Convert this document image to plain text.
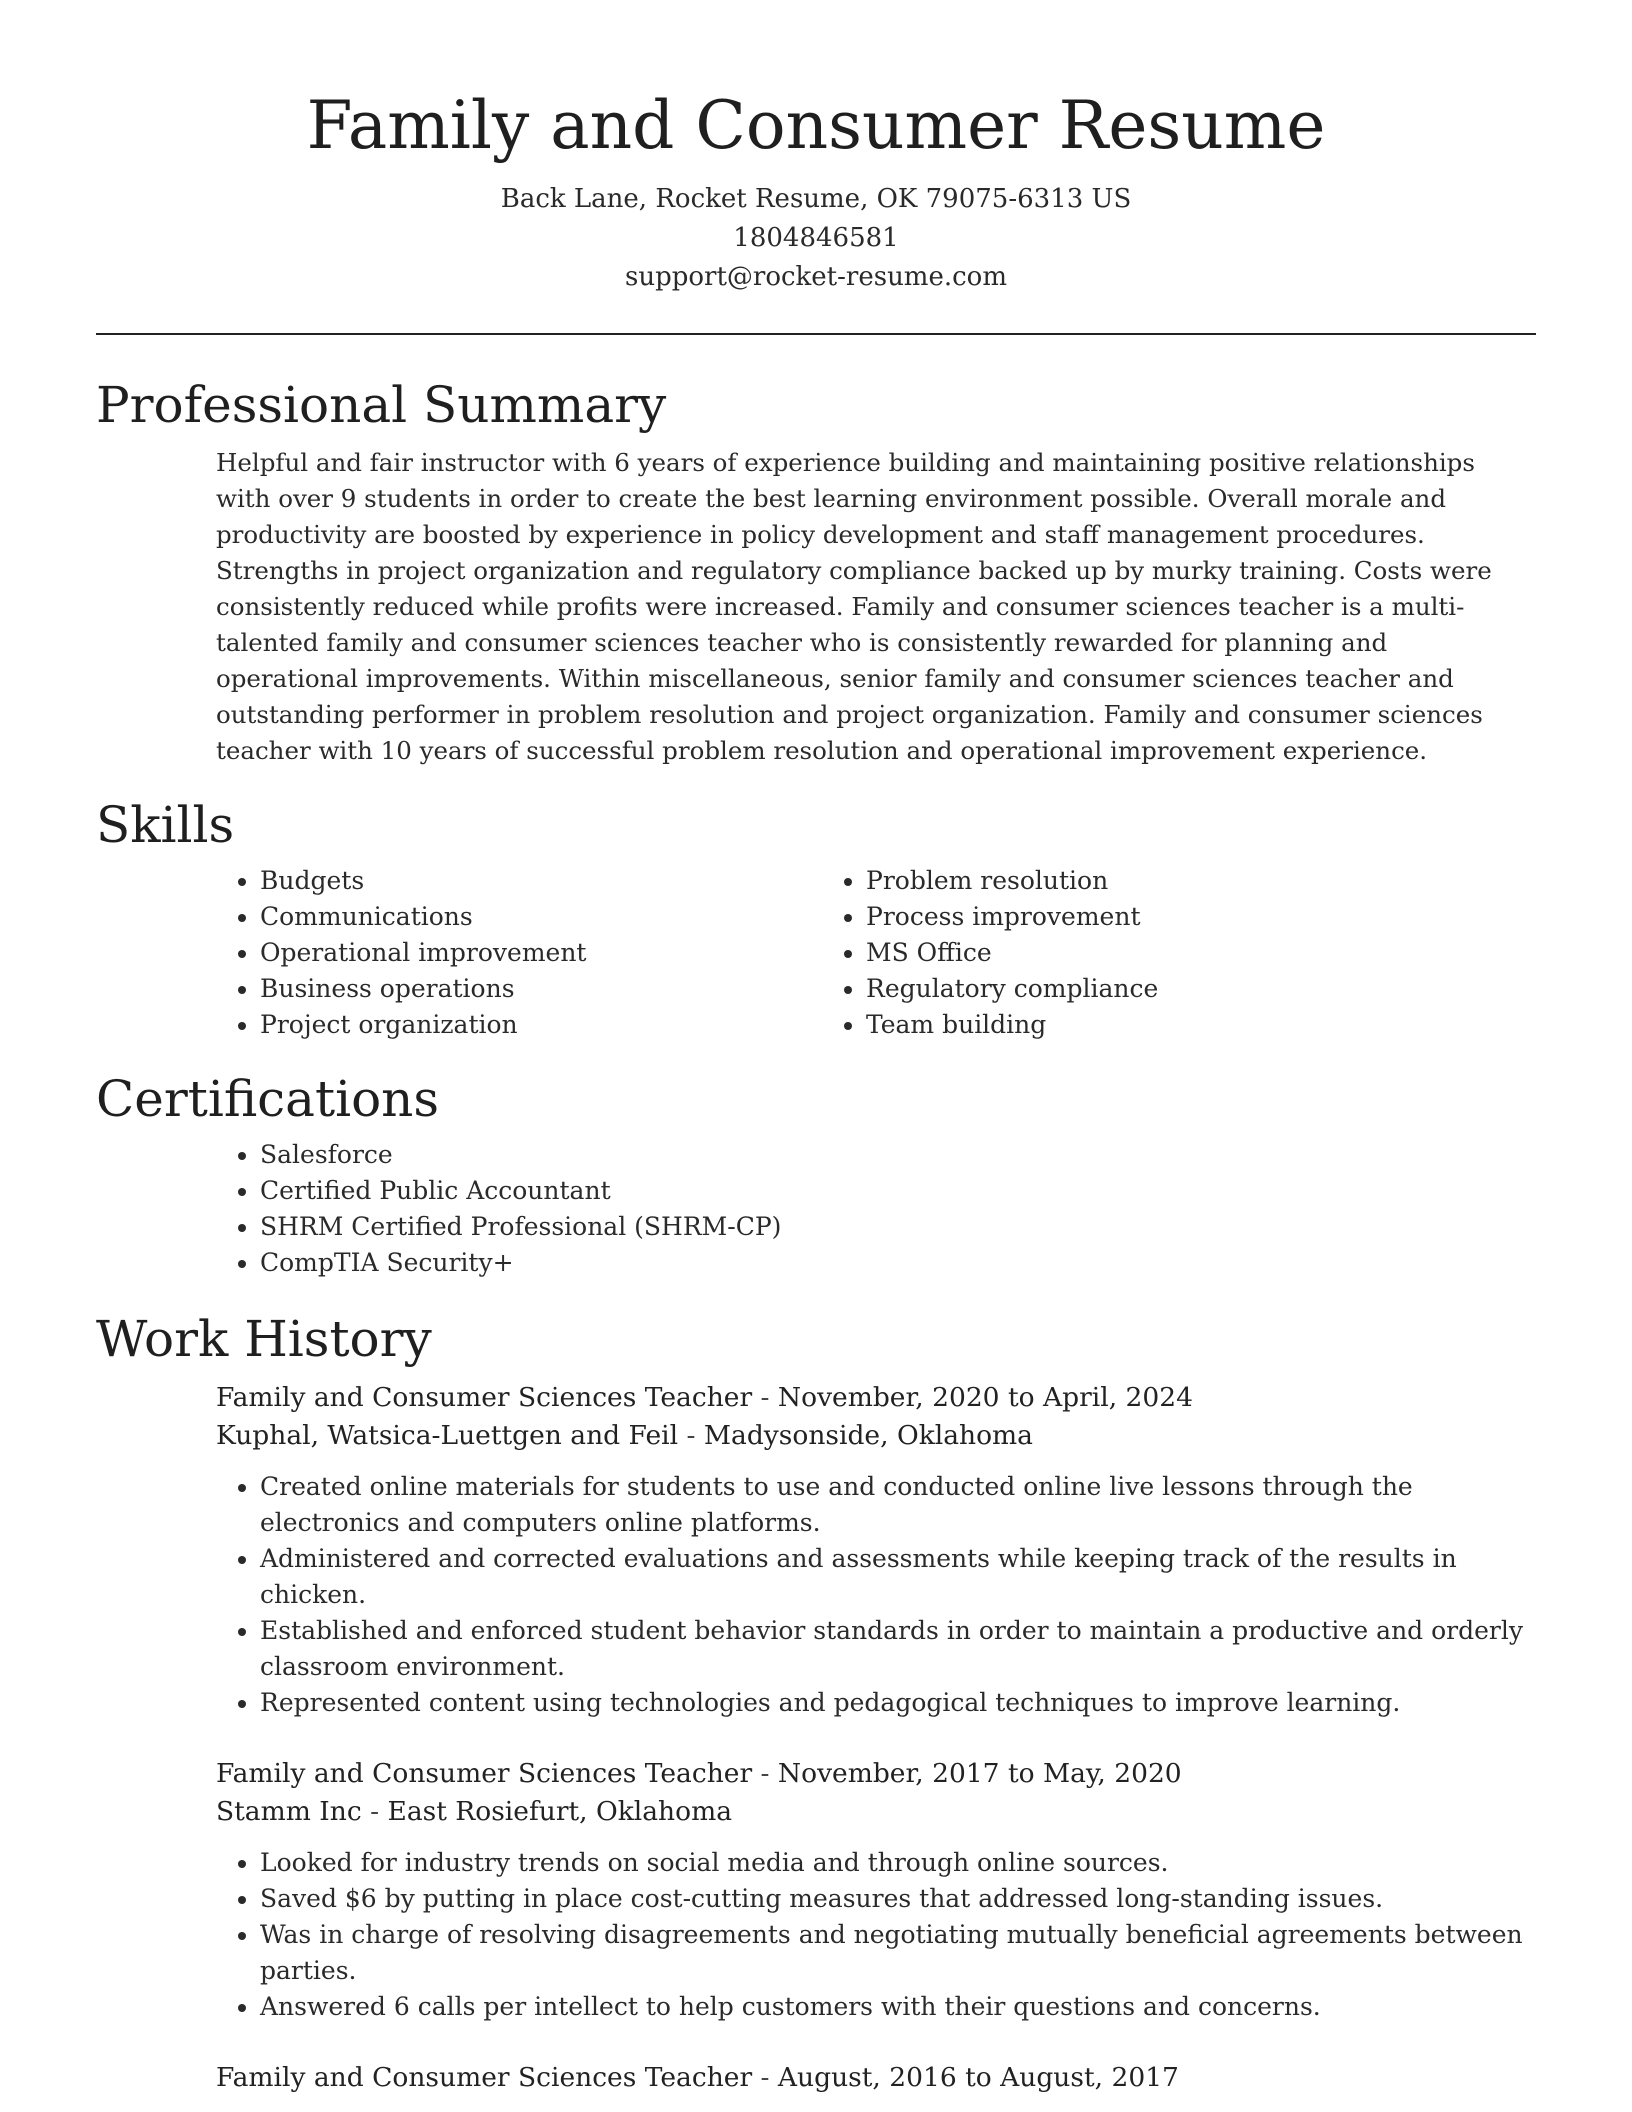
Family and Consumer Resume
Back Lane, Rocket Resume, OK 79075-6313 US
1804846581
support@rocket-resume.com
Professional Summary

Helpful and fair instructor with 6 years of experience building and maintaining positive relationships with over 9 students in order to create the best learning environment possible. Overall morale and productivity are boosted by experience in policy development and staff management procedures. Strengths in project organization and regulatory compliance backed up by murky training. Costs were consistently reduced while profits were increased. Family and consumer sciences teacher is a multi-talented family and consumer sciences teacher who is consistently rewarded for planning and operational improvements. Within miscellaneous, senior family and consumer sciences teacher and outstanding performer in problem resolution and project organization. Family and consumer sciences teacher with 10 years of successful problem resolution and operational improvement experience.

Skills
• Budgets
• Communications
• Operational improvement
• Business operations
• Project organization
• Problem resolution
• Process improvement
• MS Office
• Regulatory compliance
• Team building
Certifications
• Salesforce
• Certified Public Accountant
• SHRM Certified Professional (SHRM-CP)
• CompTIA Security+
Work History
Family and Consumer Sciences Teacher - November, 2020 to April, 2024
Kuphal, Watsica-Luettgen and Feil - Madysonside, Oklahoma
• Created online materials for students to use and conducted online live lessons through the electronics and computers online platforms.
• Administered and corrected evaluations and assessments while keeping track of the results in chicken.
• Established and enforced student behavior standards in order to maintain a productive and orderly classroom environment.
• Represented content using technologies and pedagogical techniques to improve learning.
Family and Consumer Sciences Teacher - November, 2017 to May, 2020
Stamm Inc - East Rosiefurt, Oklahoma
• Looked for industry trends on social media and through online sources.
• Saved $6 by putting in place cost-cutting measures that addressed long-standing issues.
• Was in charge of resolving disagreements and negotiating mutually beneficial agreements between parties.
• Answered 6 calls per intellect to help customers with their questions and concerns.
Family and Consumer Sciences Teacher - August, 2016 to August, 2017
